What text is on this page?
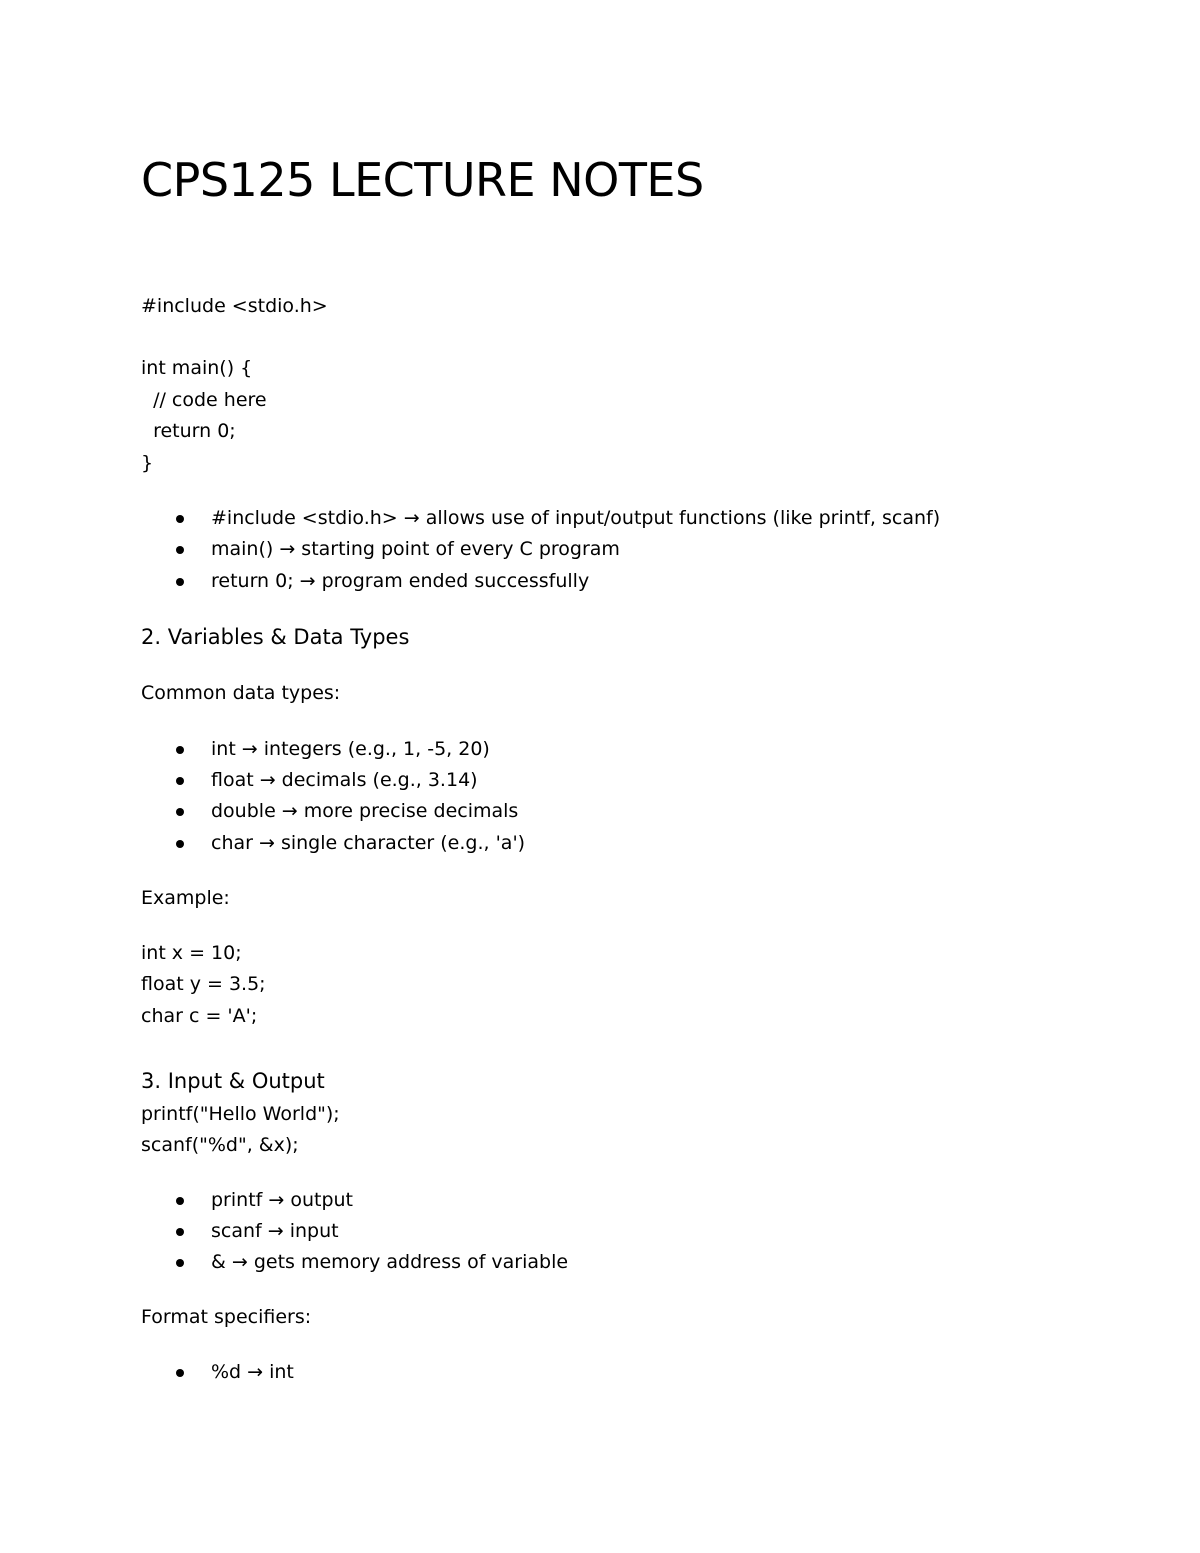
CPS125 LECTURE NOTES
#include <stdio.h>
int main() {
// code here
return 0;
}
#include <stdio.h> → allows use of input/output functions (like printf, scanf)
main() → starting point of every C program
return 0; → program ended successfully
2. Variables & Data Types
Common data types:
int → integers (e.g., 1, -5, 20)
float → decimals (e.g., 3.14)
double → more precise decimals
char → single character (e.g., 'a')
Example:
int x = 10;
float y = 3.5;
char c = 'A';
3. Input & Output
printf("Hello World");
scanf("%d", &x);
printf → output
scanf → input
& → gets memory address of variable
Format specifiers:
%d → int
